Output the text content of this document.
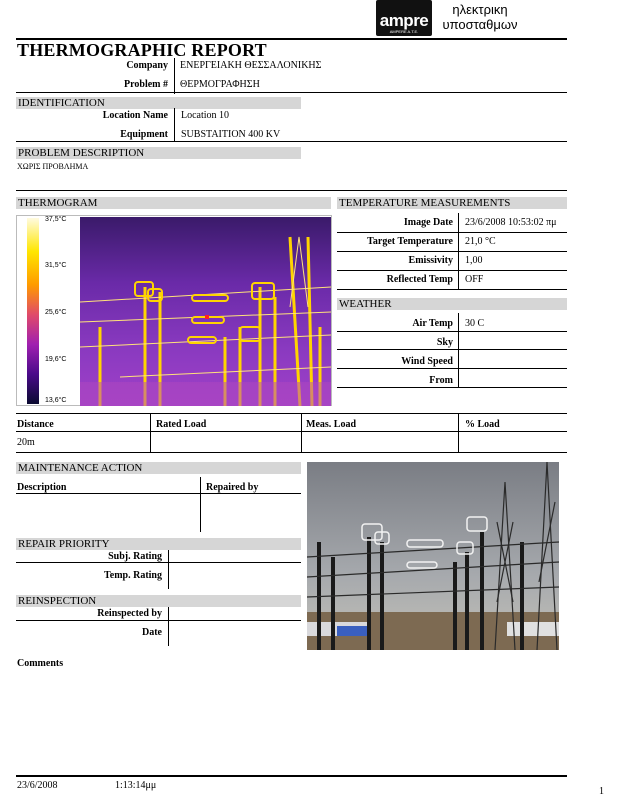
ampre
AMPERE A.T.E.
ηλεκτρικη
υποσταθμων
THERMOGRAPHIC REPORT
Company ΕΝΕΡΓΕΙΑΚΗ ΘΕΣΣΑΛΟΝΙΚΗΣ
Problem # ΘΕΡΜΟΓΡΑΦΗΣΗ
IDENTIFICATION
Location Name Location 10
Equipment SUBSTAITION 400 KV
PROBLEM DESCRIPTION
ΧΩΡΙΣ ΠΡΟΒΛΗΜΑ
THERMOGRAM
37,5°C
31,5°C
25,6°C
19,6°C
13,6°C
TEMPERATURE MEASUREMENTS
Image Date 23/6/2008 10:53:02 πμ
Target Temperature 21,0 °C
Emissivity 1,00
Reflected Temp OFF
WEATHER
Air Temp 30 C
Sky
Wind Speed
From
Distance	Rated Load	Meas. Load	% Load
20m
MAINTENANCE ACTION
Description	Repaired by
REPAIR PRIORITY
Subj. Rating
Temp. Rating
REINSPECTION
Reinspected by
Date
Comments
23/6/2008	1:13:14μμ
1
